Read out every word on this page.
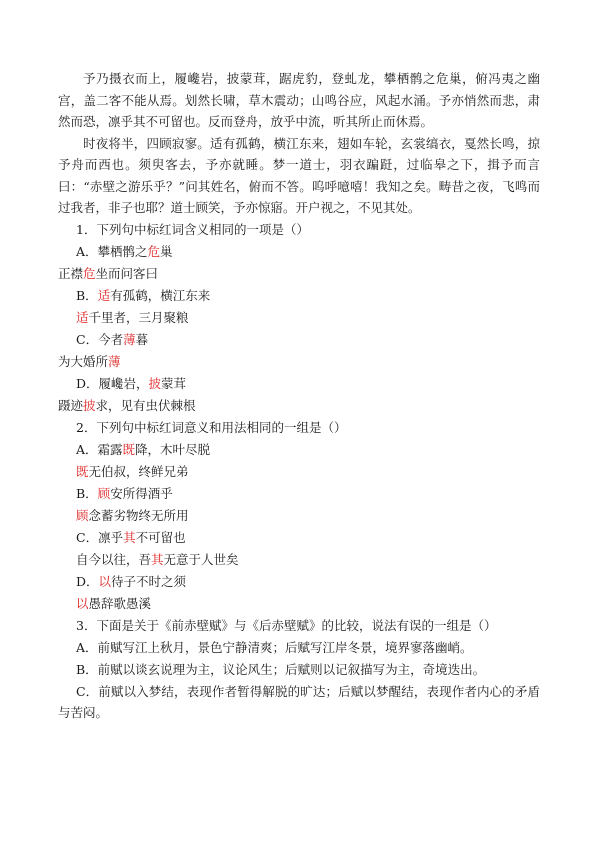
予乃摄衣而上，履巉岩，披蒙茸，踞虎豹，登虬龙，攀栖鹘之危巢，俯冯夷之幽宫，盖二客不能从焉。划然长啸，草木震动；山鸣谷应，风起水涌。予亦悄然而悲，肃然而恐，凛乎其不可留也。反而登舟，放乎中流，听其所止而休焉。

时夜将半，四顾寂寥。适有孤鹤，横江东来，翅如车轮，玄裳缟衣，戛然长鸣，掠予舟而西也。须臾客去，予亦就睡。梦一道士，羽衣蹁跹，过临皋之下，揖予而言曰：“赤壁之游乐乎？”问其姓名，俯而不答。呜呼噫嘻！我知之矣。畴昔之夜，飞鸣而过我者，非子也耶？道士顾笑，予亦惊寤。开户视之，不见其处。

1．下列句中标红词含义相同的一项是（）

A．攀栖鹘之危巢

正襟危坐而问客曰

B．适有孤鹤，横江东来

适千里者，三月聚粮

C．今者薄暮

为大婚所薄

D．履巉岩，披蒙茸

蹑迹披求，见有虫伏棘根

2．下列句中标红词意义和用法相同的一组是（）

A．霜露既降，木叶尽脱

既无伯叔，终鲜兄弟

B．顾安所得酒乎

顾念蓄劣物终无所用

C．凛乎其不可留也

自今以往，吾其无意于人世矣

D．以待子不时之须

以愚辞歌愚溪

3．下面是关于《前赤壁赋》与《后赤壁赋》的比较，说法有误的一组是（）

A．前赋写江上秋月，景色宁静清爽；后赋写江岸冬景，境界寥落幽峭。

B．前赋以谈玄说理为主，议论风生；后赋则以记叙描写为主，奇境迭出。

C．前赋以入梦结，表现作者暂得解脱的旷达；后赋以梦醒结，表现作者内心的矛盾与苦闷。
